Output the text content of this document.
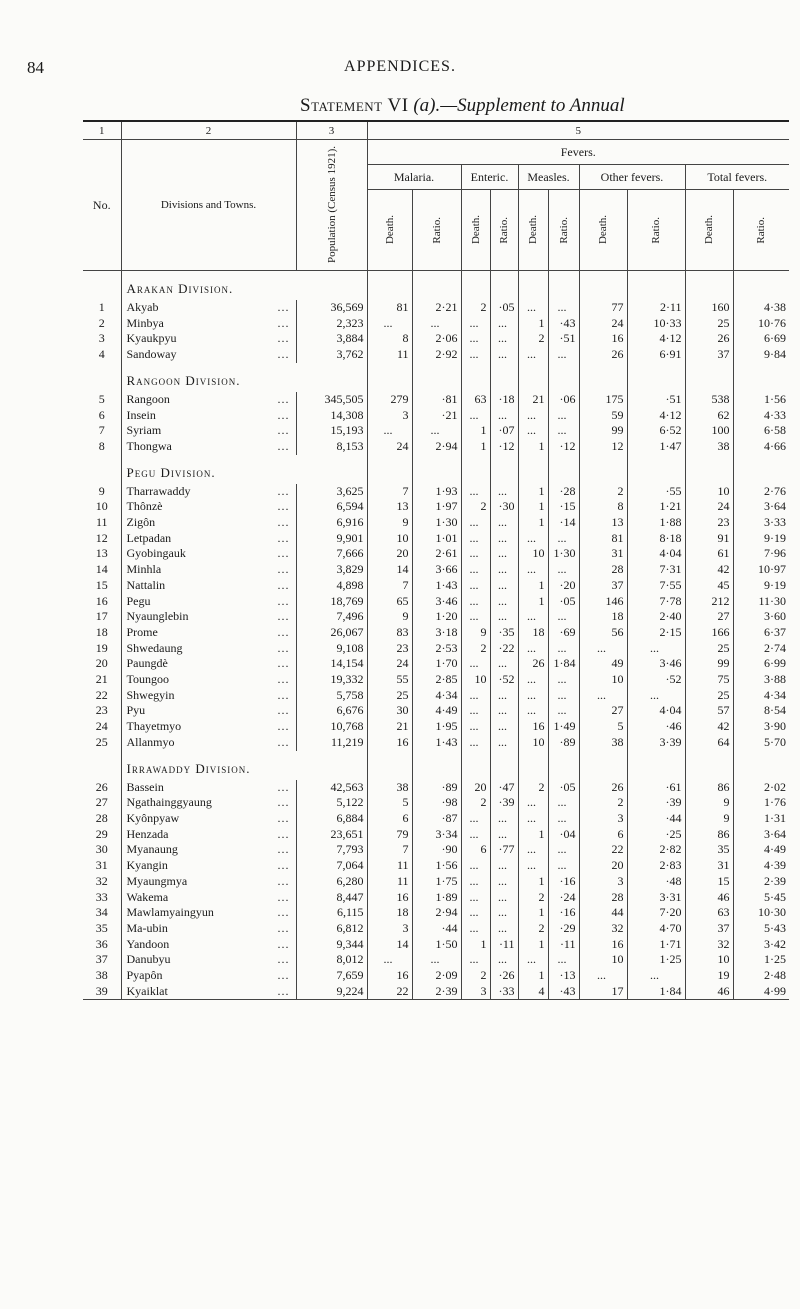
84	APPENDICES.
Statement VI (a).—Supplement to Annual
1	2	3	5									
No.	Divisions and Towns.	Population (Census 1921).	Fevers.									
			Malaria.		Enteric.		Measles.		Other fevers.		Total fevers.	

			Death.	Ratio.	Death.	Ratio.	Death.	Ratio.	Death.	Ratio.	Death.	Ratio.

	Arakan Division.											
1	Akyab ...	36,569	81	2·21	2	·05	...	...	77	2·11	160	4·38
2	Minbya ...	2,323	...	...	...	...	1	·43	24	10·33	25	10·76
3	Kyaukpyu ...	3,884	8	2·06	...	...	2	·51	16	4·12	26	6·69
4	Sandoway ...	3,762	11	2·92	...	...	...	...	26	6·91	37	9·84
	Rangoon Division.											
5	Rangoon ...	345,505	279	·81	63	·18	21	·06	175	·51	538	1·56
6	Insein ...	14,308	3	·21	...	...	...	...	59	4·12	62	4·33
7	Syriam ...	15,193	...	...	1	·07	...	...	99	6·52	100	6·58
8	Thongwa ...	8,153	24	2·94	1	·12	1	·12	12	1·47	38	4·66
	Pegu Division.											
9	Tharrawaddy ...	3,625	7	1·93	...	...	1	·28	2	·55	10	2·76
10	Thônzè ...	6,594	13	1·97	2	·30	1	·15	8	1·21	24	3·64
11	Zigôn ...	6,916	9	1·30	...	...	1	·14	13	1·88	23	3·33
12	Letpadan ...	9,901	10	1·01	...	...	...	...	81	8·18	91	9·19
13	Gyobingauk ...	7,666	20	2·61	...	...	10	1·30	31	4·04	61	7·96
14	Minhla ...	3,829	14	3·66	...	...	...	...	28	7·31	42	10·97
15	Nattalin ...	4,898	7	1·43	...	...	1	·20	37	7·55	45	9·19
16	Pegu ...	18,769	65	3·46	...	...	1	·05	146	7·78	212	11·30
17	Nyaunglebin ...	7,496	9	1·20	...	...	...	...	18	2·40	27	3·60
18	Prome ...	26,067	83	3·18	9	·35	18	·69	56	2·15	166	6·37
19	Shwedaung ...	9,108	23	2·53	2	·22	...	...	...	...	25	2·74
20	Paungdè ...	14,154	24	1·70	...	...	26	1·84	49	3·46	99	6·99
21	Toungoo ...	19,332	55	2·85	10	·52	...	...	10	·52	75	3·88
22	Shwegyin ...	5,758	25	4·34	...	...	...	...	...	...	25	4·34
23	Pyu ...	6,676	30	4·49	...	...	...	...	27	4·04	57	8·54
24	Thayetmyo ...	10,768	21	1·95	...	...	16	1·49	5	·46	42	3·90
25	Allanmyo ...	11,219	16	1·43	...	...	10	·89	38	3·39	64	5·70
	Irrawaddy Division.											
26	Bassein ...	42,563	38	·89	20	·47	2	·05	26	·61	86	2·02
27	Ngathainggyaung ...	5,122	5	·98	2	·39	...	...	2	·39	9	1·76
28	Kyônpyaw ...	6,884	6	·87	...	...	...	...	3	·44	9	1·31
29	Henzada ...	23,651	79	3·34	...	...	1	·04	6	·25	86	3·64
30	Myanaung ...	7,793	7	·90	6	·77	...	...	22	2·82	35	4·49
31	Kyangin ...	7,064	11	1·56	...	...	...	...	20	2·83	31	4·39
32	Myaungmya ...	6,280	11	1·75	...	...	1	·16	3	·48	15	2·39
33	Wakema ...	8,447	16	1·89	...	...	2	·24	28	3·31	46	5·45
34	Mawlamyaingyun ...	6,115	18	2·94	...	...	1	·16	44	7·20	63	10·30
35	Ma-ubin ...	6,812	3	·44	...	...	2	·29	32	4·70	37	5·43
36	Yandoon ...	9,344	14	1·50	1	·11	1	·11	16	1·71	32	3·42
37	Danubyu ...	8,012	...	...	...	...	...	...	10	1·25	10	1·25
38	Pyapôn ...	7,659	16	2·09	2	·26	1	·13	...	...	19	2·48
39	Kyaiklat ...	9,224	22	2·39	3	·33	4	·43	17	1·84	46	4·99
